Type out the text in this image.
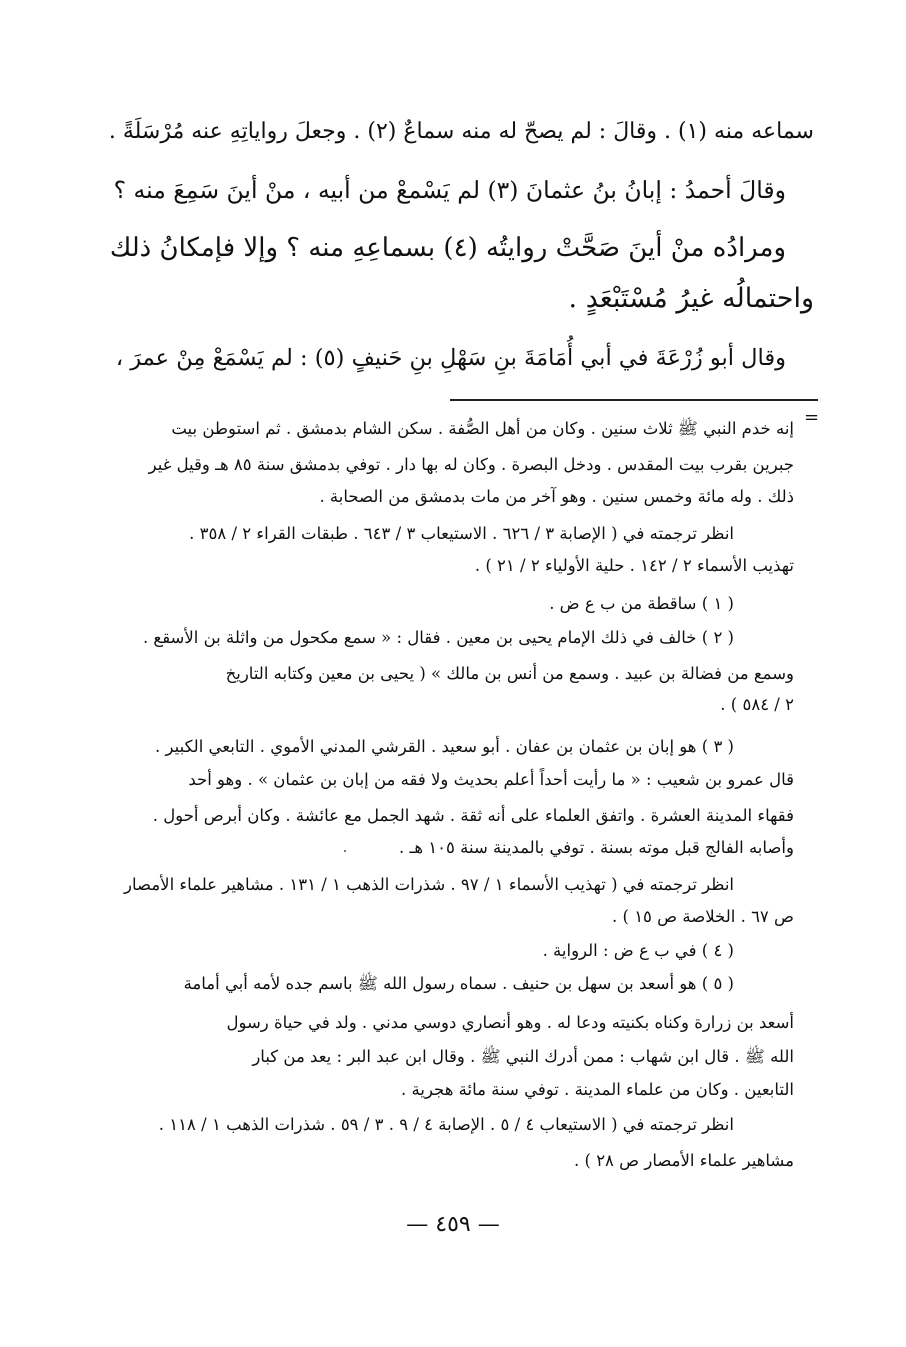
سماعه منه (١) . وقالَ : لم يصحّ له منه سماعٌ (٢) . وجعلَ رواياتِهِ عنه مُرْسَلَةً .
وقالَ أحمدُ : إبانُ بنُ عثمانَ (٣) لم يَسْمعْ من أبيه ، منْ أينَ سَمِعَ منه ؟
ومرادُه منْ أينَ صَحَّتْ روايتُه (٤) بسماعِهِ منه ؟ وإلا فإمكانُ ذلك
واحتمالُه غيرُ مُسْتَبْعَدٍ .
وقال أبو زُرْعَةَ في أبي أُمَامَةَ بنِ سَهْلِ بنِ حَنيفٍ (٥) : لم يَسْمَعْ مِنْ عمرَ ،
=
إنه خدم النبي ﷺ ثلاث سنين . وكان من أهل الصُّفة . سكن الشام بدمشق . ثم استوطن بيت
جبرين بقرب بيت المقدس . ودخل البصرة . وكان له بها دار . توفي بدمشق سنة ٨٥ هـ وقيل غير
ذلك . وله مائة وخمس سنين . وهو آخر من مات بدمشق من الصحابة .
انظر ترجمته في ( الإصابة ٣ / ٦٢٦ . الاستيعاب ٣ / ٦٤٣ . طبقات القراء ٢ / ٣٥٨ .
تهذيب الأسماء ٢ / ١٤٢ . حلية الأولياء ٢ / ٢١ ) .
( ١ ) ساقطة من ب ع ض .
( ٢ ) خالف في ذلك الإمام يحيى بن معين . فقال : « سمع مكحول من واثلة بن الأسقع .
وسمع من فضالة بن عبيد . وسمع من أنس بن مالك » ( يحيى بن معين وكتابه التاريخ
٢ / ٥٨٤ ) .
( ٣ ) هو إبان بن عثمان بن عفان . أبو سعيد . القرشي المدني الأموي . التابعي الكبير .
قال عمرو بن شعيب : « ما رأيت أحداً أعلم بحديث ولا فقه من إبان بن عثمان » . وهو أحد
فقهاء المدينة العشرة . واتفق العلماء على أنه ثقة . شهد الجمل مع عائشة . وكان أبرص أحول .
وأصابه الفالج قبل موته بسنة . توفي بالمدينة سنة ١٠٥ هـ .
انظر ترجمته في ( تهذيب الأسماء ١ / ٩٧ . شذرات الذهب ١ / ١٣١ . مشاهير علماء الأمصار
ص ٦٧ . الخلاصة ص ١٥ ) .
( ٤ ) في ب ع ض : الرواية .
( ٥ ) هو أسعد بن سهل بن حنيف . سماه رسول الله ﷺ باسم جده لأمه أبي أمامة
أسعد بن زرارة وكناه بكنيته ودعا له . وهو أنصاري دوسي مدني . ولد في حياة رسول
الله ﷺ . قال ابن شهاب : ممن أدرك النبي ﷺ . وقال ابن عبد البر : يعد من كبار
التابعين . وكان من علماء المدينة . توفي سنة مائة هجرية .
انظر ترجمته في ( الاستيعاب ٤ / ٥ . الإصابة ٤ / ٩ . ٣ / ٥٩ . شذرات الذهب ١ / ١١٨ .
مشاهير علماء الأمصار ص ٢٨ ) .
— ٤٥٩ —
